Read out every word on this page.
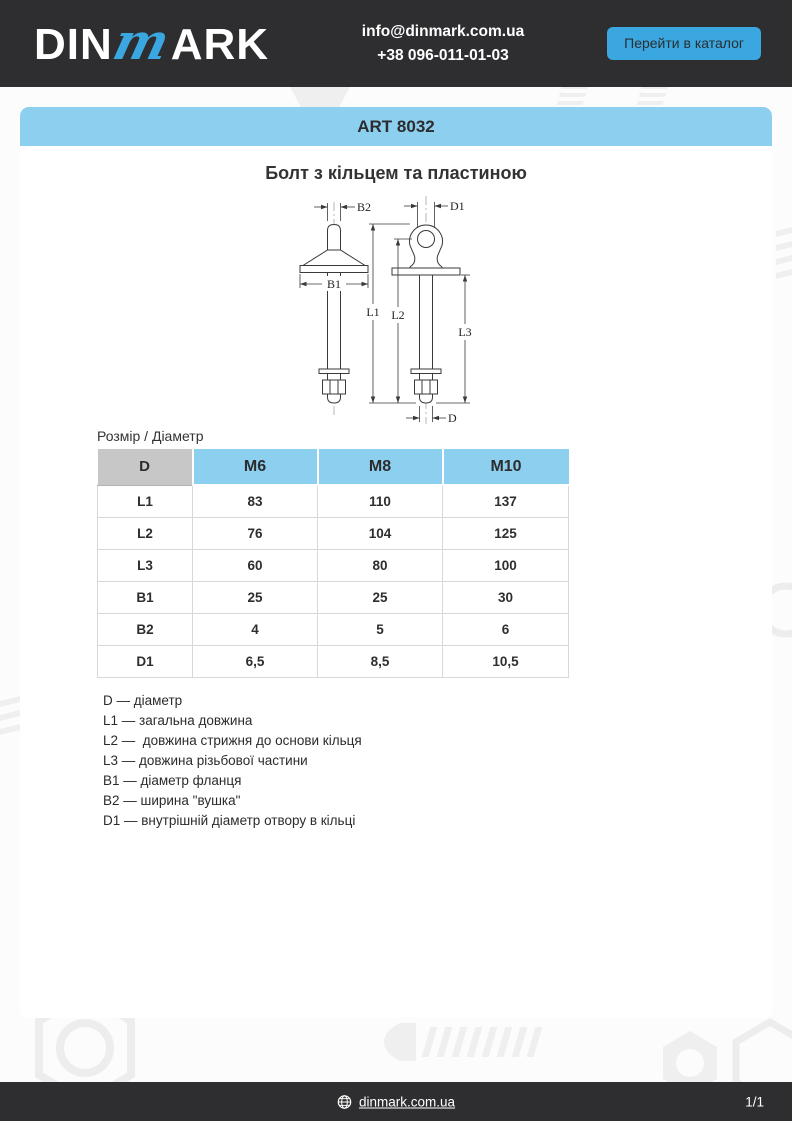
DINmARK	info@dinmark.com.ua
+38 096-011-01-03
Перейти в каталог
ART 8032
Болт з кільцем та пластиною
B2	D1
B1
L1 L2
L3
D
Розмір / Діаметр
D	M6	M8	M10
L1	83	110	137
L2	76	104	125
L3	60	80	100
B1	25	25	30
B2	4	5	6
D1	6,5	8,5	10,5
D — діаметр
L1 — загальна довжина
L2 —  довжина стрижня до основи кільця
L3 — довжина різьбової частини
B1 — діаметр фланця
B2 — ширина "вушка"
D1 — внутрішній діаметр отвору в кільці
dinmark.com.ua	1/1
